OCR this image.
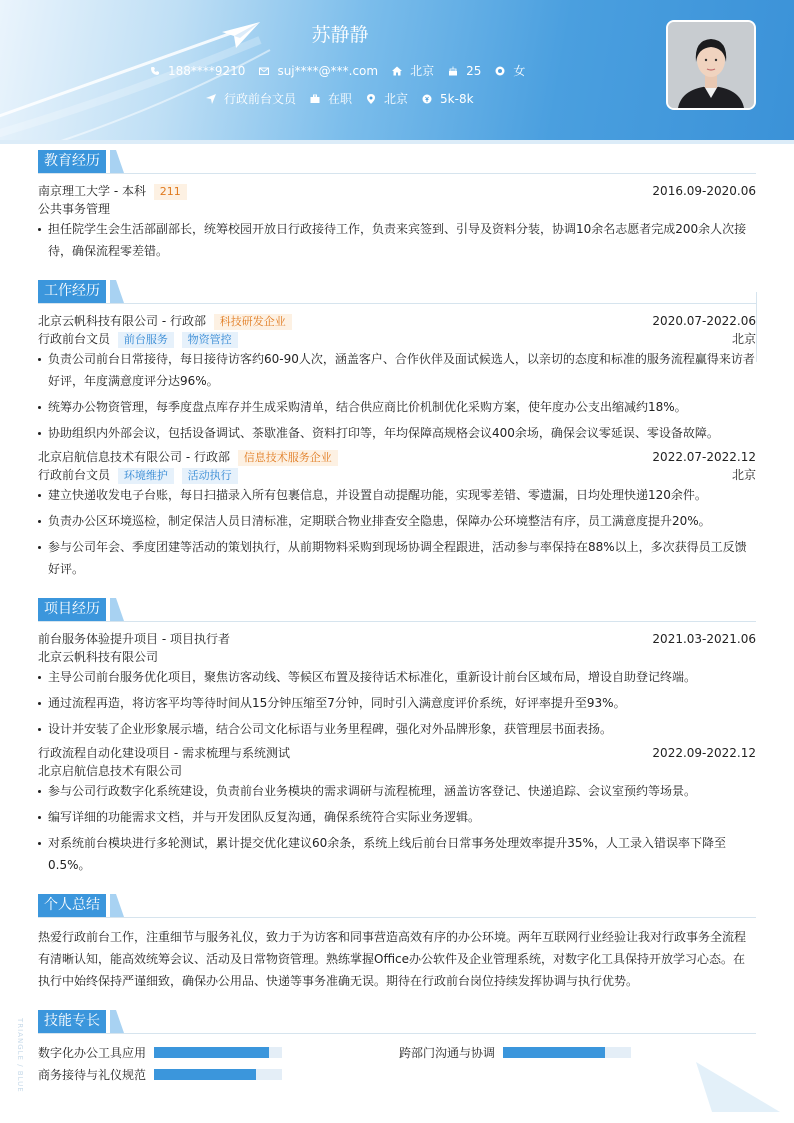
苏静静
188****9210	suj****@***.com	北京	25	女
行政前台文员	在职	北京	5k-8k
教育经历
南京理工大学 - 本科 211	2016.09-2020.06
公共事务管理
担任院学生会生活部副部长，统筹校园开放日行政接待工作，负责来宾签到、引导及资料分装，协调10余名志愿者完成200余人次接待，确保流程零差错。
工作经历
北京云帆科技有限公司 - 行政部 科技研发企业	2020.07-2022.06
行政前台文员 前台服务 物资管控	北京
负责公司前台日常接待，每日接待访客约60-90人次，涵盖客户、合作伙伴及面试候选人，以亲切的态度和标准的服务流程赢得来访者好评，年度满意度评分达96%。
统筹办公物资管理，每季度盘点库存并生成采购清单，结合供应商比价机制优化采购方案，使年度办公支出缩减约18%。
协助组织内外部会议，包括设备调试、茶歇准备、资料打印等，年均保障高规格会议400余场，确保会议零延误、零设备故障。
北京启航信息技术有限公司 - 行政部 信息技术服务企业	2022.07-2022.12
行政前台文员 环境维护 活动执行	北京
建立快递收发电子台账，每日扫描录入所有包裹信息，并设置自动提醒功能，实现零差错、零遗漏，日均处理快递120余件。
负责办公区环境巡检，制定保洁人员日清标准，定期联合物业排查安全隐患，保障办公环境整洁有序，员工满意度提升20%。
参与公司年会、季度团建等活动的策划执行，从前期物料采购到现场协调全程跟进，活动参与率保持在88%以上，多次获得员工反馈好评。
项目经历
前台服务体验提升项目 - 项目执行者	2021.03-2021.06
北京云帆科技有限公司
主导公司前台服务优化项目，聚焦访客动线、等候区布置及接待话术标准化，重新设计前台区域布局，增设自助登记终端。
通过流程再造，将访客平均等待时间从15分钟压缩至7分钟，同时引入满意度评价系统，好评率提升至93%。
设计并安装了企业形象展示墙，结合公司文化标语与业务里程碑，强化对外品牌形象，获管理层书面表扬。
行政流程自动化建设项目 - 需求梳理与系统测试	2022.09-2022.12
北京启航信息技术有限公司
参与公司行政数字化系统建设，负责前台业务模块的需求调研与流程梳理，涵盖访客登记、快递追踪、会议室预约等场景。
编写详细的功能需求文档，并与开发团队反复沟通，确保系统符合实际业务逻辑。
对系统前台模块进行多轮测试，累计提交优化建议60余条，系统上线后前台日常事务处理效率提升35%，人工录入错误率下降至0.5%。
个人总结
热爱行政前台工作，注重细节与服务礼仪，致力于为访客和同事营造高效有序的办公环境。两年互联网行业经验让我对行政事务全流程有清晰认知，能高效统筹会议、活动及日常物资管理。熟练掌握Office办公软件及企业管理系统，对数字化工具保持开放学习心态。在执行中始终保持严谨细致，确保办公用品、快递等事务准确无误。期待在行政前台岗位持续发挥协调与执行优势。
技能专长
数字化办公工具应用	跨部门沟通与协调
商务接待与礼仪规范
TRIANGLE / BLUE
